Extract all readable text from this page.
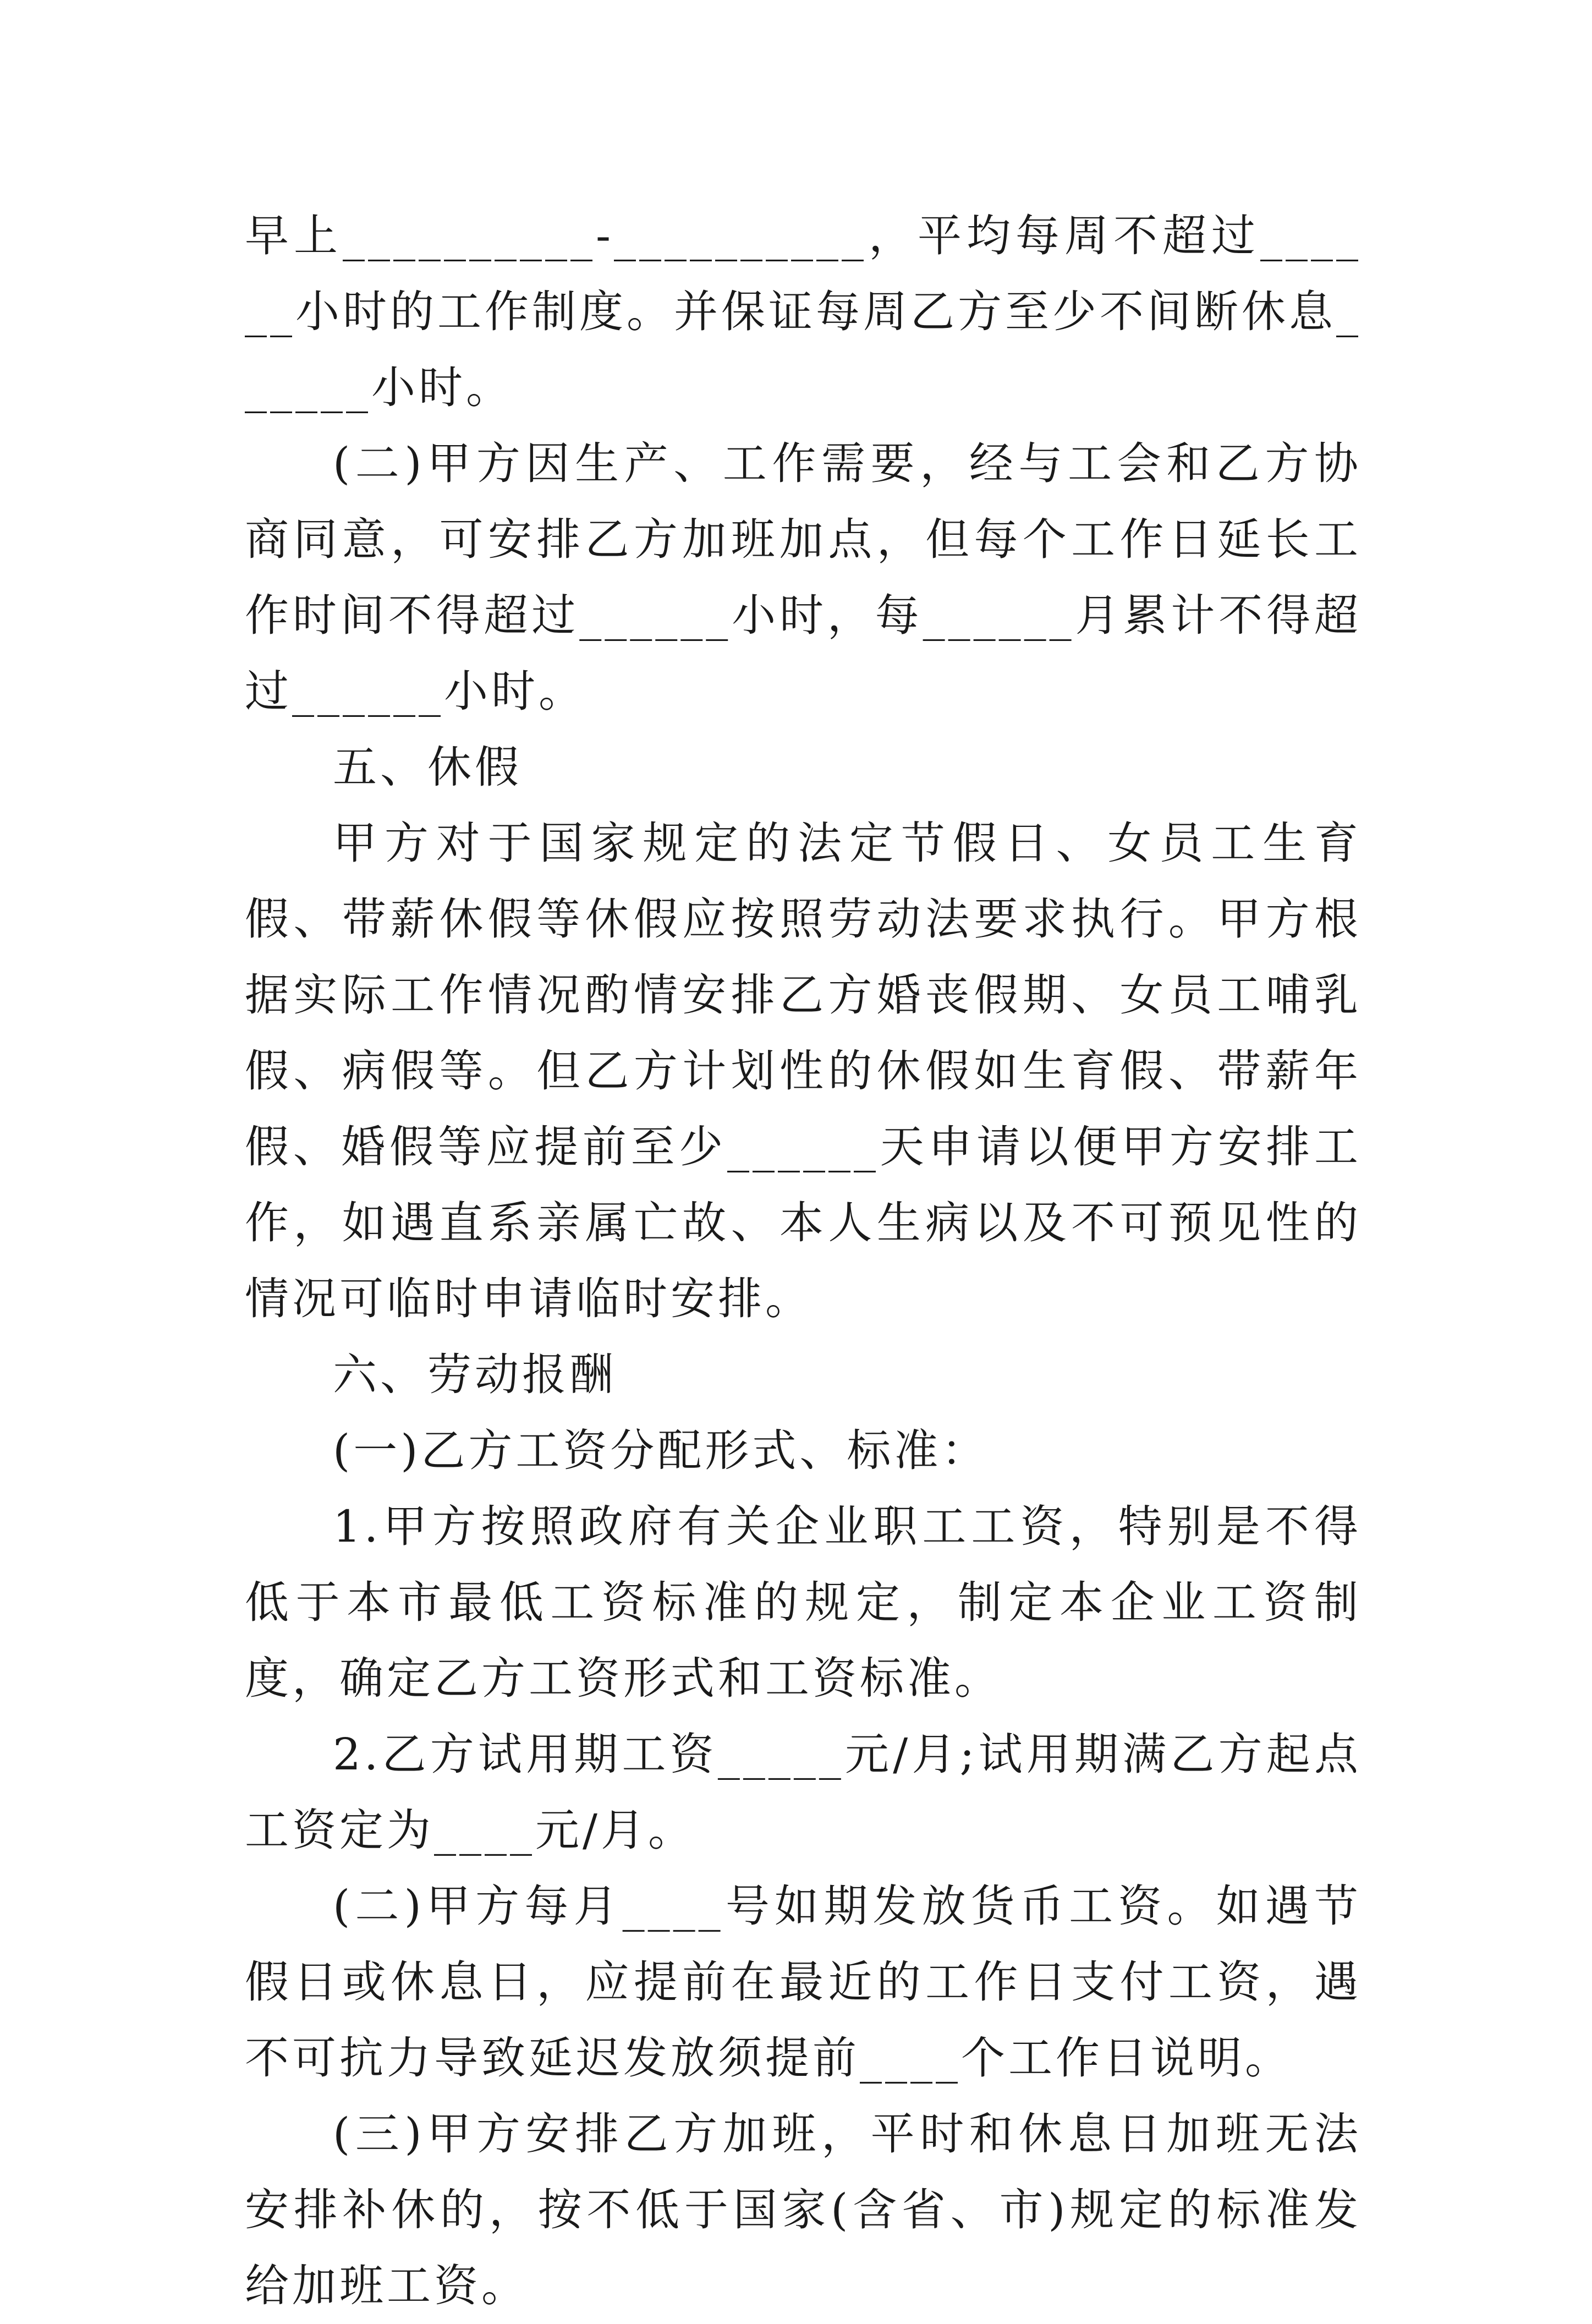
早上__________-__________，平均每周不超过______小时的工作制度。并保证每周乙方至少不间断休息______小时。

(二)甲方因生产、工作需要，经与工会和乙方协商同意，可安排乙方加班加点，但每个工作日延长工作时间不得超过______小时，每______月累计不得超过______小时。

五、休假

甲方对于国家规定的法定节假日、女员工生育假、带薪休假等休假应按照劳动法要求执行。甲方根据实际工作情况酌情安排乙方婚丧假期、女员工哺乳假、病假等。但乙方计划性的休假如生育假、带薪年假、婚假等应提前至少______天申请以便甲方安排工作，如遇直系亲属亡故、本人生病以及不可预见性的情况可临时申请临时安排。

六、劳动报酬

(一)乙方工资分配形式、标准：

1.甲方按照政府有关企业职工工资，特别是不得低于本市最低工资标准的规定，制定本企业工资制度，确定乙方工资形式和工资标准。

2.乙方试用期工资_____元/月;试用期满乙方起点工资定为____元/月。

(二)甲方每月____号如期发放货币工资。如遇节假日或休息日，应提前在最近的工作日支付工资，遇不可抗力导致延迟发放须提前____个工作日说明。

(三)甲方安排乙方加班，平时和休息日加班无法安排补休的，按不低于国家(含省、市)规定的标准发给加班工资。
